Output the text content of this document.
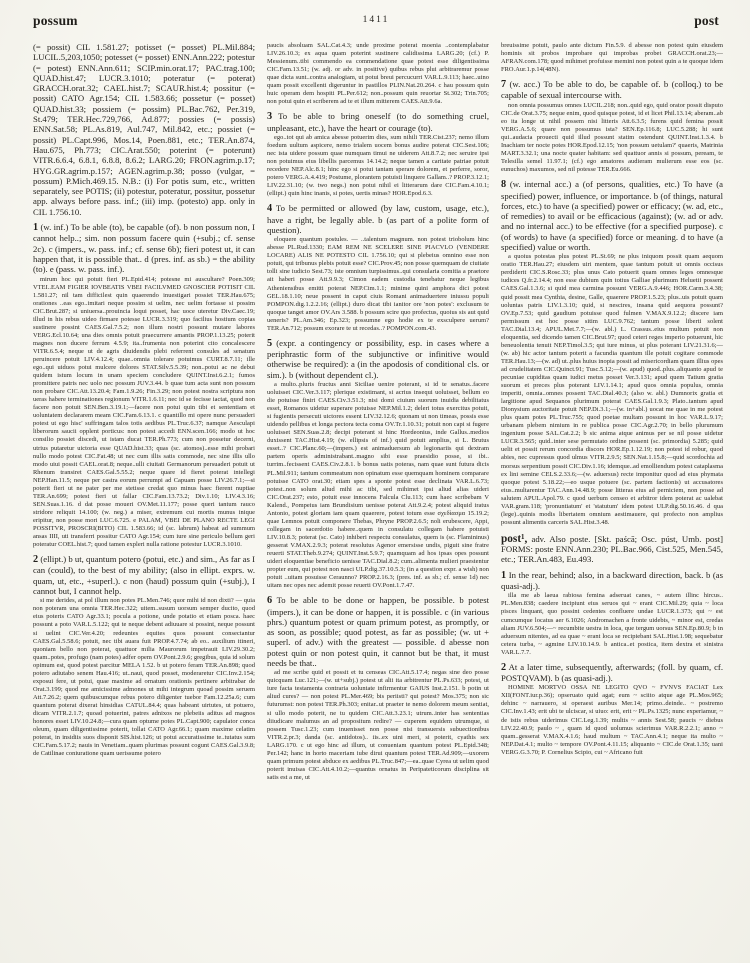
possum	1411	post

(= possit) CIL 1.581.27; potisset (= posset) PL.Mil.884; LUCIL.5,203,1050; potesset (= posset) ENN.Ann.222; potestur (= potest) ENN.Ann.611; SCIP.min.orat.17; PAC.trag.100; QUAD.hist.47; LUCR.3.1010; poteratur (= poterat) GRACCH.orat.32; CAEL.hist.7; SCAUR.hist.4; possitur (= possit) CATO Agr.154; CIL 1.583.66; possetur (= posset) QUAD.hist.33; possiem (= possim) PL.Bac.762, Per.319, St.479; TER.Hec.729,766, Ad.877; possies (= possis) ENN.Sat.58; PL.As.819, Aul.747, Mil.842, etc.; possiet (= possit) PL.Capt.996, Mos.14, Poen.881, etc.; TER.An.874, Hau.675, Ph.773; CIC.Arat.550; poterint (= poterunt) VITR.6.6.4, 6.8.1, 6.8.8, 8.6.2; LARG.20; FRON.agrim.p.17; HYG.GR.agrim.p.157; AGEN.agrim.p.38; posso (vulgar, = possum) P.Mich.469.15. N.B.: (i) For potis sum, etc., written separately, see POTIS; (ii) potestur, poteratur, possitur, possetur app. always before pass. inf.; (iii) imp. (potesto) app. only in CIL 1.756.10.

1 (w. inf.) To be able (to), be capable (of). b non possum non, I cannot help..; sim. non possum facere quin (+subj.; cf. sense 2c). c (impers., w. pass. inf.; cf. sense 6b); fieri potest ut, it can happen that, it is possible that.. d (pres. inf. as sb.) = the ability (to). e (pass. w. pass. inf.).

mirum hoc qui potuit fieri PL.Epid.414; potesne mi auscultare? Poen.309; VTEI..EAM FIGIER IOVBEATIS VBEI FACILVMED GNOSCIER POTISIT CIL 1.581.27; nil tam difficilest quin quaerendo inuestigari possiet TER.Hau.675; orationes ..eas ego..imitari neque possim si uelim, nec uelim fortasse si possim CIC.Brut.287; si uniuersa..prouincia loqui posset, hac uoce uteretur Div.Caec.19; illud in his rebus uideo firmare potesse LUCR.3.319; quo facilius hostium copias sustinere possint CAES.Gal.7.5.2; non illum nostri possunt mutare labores VERG.Ecl.10.64; una dies omnis potuit praecurrere amantis PROP.1.13.25; poterit magnes non ducere ferrum 4.5.9; ita..frumenta non poterint cito concalescere VITR.6.5.4; neque ut de agris diuidendis plebi referrent consules ad senatum peruincere potuit LIV.4.12.4; quae..omnia tolerare potuimus CURT.8.7.11; ille ego..qui uiduos potui mulcere dolores STAT.Silv.5.5.39; non..potui ac ne debui quidem istum locum in unam speciem concludere QUINT.Inst.6.2.1; fumos promittere patris nec uolo nec possum JUV.3.44. b quae tum acta sunt non possum non probare CIC.Att.13.20.4; Fam.1.9.26; Fin.3.29; non potest nostra scriptura non ueras habere terminationes regionum VITR.1.6.11; nec id se fecisse iactat, quod non facere non potuit SEN.Ben.3.19.1;—facere non potui quin tibi et sententiam et uoluntatem declararem meam CIC.Fam.6.13.1. c quantillo mi opere nunc persuaderi potest ut ego hisc' suffringam talos totis aedibus PL.Truc.6.37; namque Aesculapi liberorum saucii opplent porticus: non potest accedi ENN.scen.166; modo ut hoc consilio possiet discedi, ut istam ducat TER.Ph.773; cum non possetur decerni, utrius putaretur uictoria esse QUAD.hist.33; quas (sc. atomos)..esse mihi probari nullo modo potest CIC.Fat.48; ut nec cum illis satis commode, nec sine illis ullo modo uiui possit CAEL.orat.8; neque..ulli ciuitati Germanorum persuaderi potuit ut Rhenum transiret CAES.Gal.5.55.2; neque quare id fieret poterat intellegi NEP.Han.11.5; neque per castra eorum perrumpi ad Capuam posse LIV.26.7.1;—si poterit fieri ut ne pater per me stetisse credat quo minus haec fierent nuptiae TER.An.699; potest fieri ut fallar CIC.Fam.13.73.2; Div.1.10; LIV.4.3.16; SEN.Suas.1.16. d dat posse moueri OV.Met.11.177; posse queri tantum rauco stridore reliquit 14.100; (w. neg.) a miser, extremum cui mortis munus inique eripitur, non posse mori LUC.6.725. e PALAM, VBEI DE PLANO RECTE LEGI POSSITVR, PROSCRI(BITO) CIL 1.583.66; id (sc. labrum) habeat ad summum ansas IIII, uti transferri possitur CATO Agr.154; cum iure sine periculo bellum geri poteratur COEL.hist.7; quod tamen expleri nulla ratione potestur LUCR.3.1010.

2 (ellipt.) b ut, quantum potero (potui, etc.) and sim., As far as I can (could), to the best of my ability; (also in ellipt. exprs. w. quam, ut, etc., +superl.). c non (haud) possum quin (+subj.), I cannot but, I cannot help.

si me derides, at pol illum non potes PL.Men.746; quor mihi id non dixti? — quia non poteram una omnia TER.Hec.322; uitem..susum uorsum semper ducito, quod eius poteris CATO Agr.33.1; pocula a potione, unde potatio et etiam posca. haec possunt a poto VAR.L.5.122; qui te neque debent adiuuare si possint, neque possunt si uelint CIC.Ver.4.20; redeuntes equites quos possunt consectantur CAES.Gal.5.58.6; potuit, nec tibi auara fuit PROP.4.7.74; ab eo.. auxilium itineri, quoniam bello non poterat, quattuor milia Maurorum impetrauit LIV.29.30.2; quam..potes, profugo (nam potes) adfer opem OV.Pont.2.9.6; gregibus, quia id solum opimum est, quod potest parcitur MELA 1.52. b ut potero feram TER.An.898; quod potero adiutabo senem Hau.416; ut..naui, quod posset, moderaretur CIC.Inv.2.154; exposui fere, ut potui, quae maxime ad ornatum orationis pertinere arbitrabar de Orat.3.199; quod me amicissime admones ut mihi integrum quoad possim seruem Att.7.26.2; quem quibuscumque rebus potero diligenter tuebor Fam.12.25a.6; cum quantum poterat dixerat hinsidias CATUL.84.4; quas habeant uirtutes, ut potuero, dicam VITR.2.1.7; quoad potuerint, patres adnixos ne plebeiis aditus ad magnos honores esset LIV.10.24.8;—cura quam optume potes PL.Capt.900; capulator conca oleum, quam diligentissime poterit, tollat CATO Agr.66.1; quam maxime celatim poterat, in insidiis suos disponit SIS.hist.126; ut potui accuratissime te..tutatus sum CIC.Fam.5.17.2; nauis in Venetiam..quam plurimas possunt cogunt CAES.Gal.3.9.8; de Catilinae coniuratione quam uerissume potero

paucis absoluam SAL.Cat.4.3; unde proxime poterat moenia ..contemplabatur LIV.26.10.3; ex aqua quam poterint sustinere calidissima LARG.20; (cf.) P. Messienum..tibi commendo ea commendatione quae potest esse diligentissima CIC.Fam.13.51; (w. adj. or adv. in positive) quibus rebus plui arbitraremur posse quae dicta sunt..contra analogiam, ut potui breui percucurri VAR.L.9.113; haec..uino quam possit excellenti digeruntur in pastillos PLIN.Nat.20.264. c hau possum quin huic operam dem hospiti PL.Per.612; non..possum quin reuortar St.302; Trin.705; non potui quin et scriberem ad te et illum mitterem CAES.Att.9.6a.

3 To be able to bring oneself (to do something cruel, unpleasant, etc.), have the heart or courage (to).

ego..tot qui ab amica abesse potuerim dies, sum nihili TER.Cist.237; nemo illum foedum uultum aspicere, nemo trialem uocem bonus audire poterat CIC.Sest.106; nec ista uidere possum quae numquam timui ne uiderem Att.8.7.2; nec seruire ipsi non potuimus eius libellis parcemus 14.14.2; neque tamen a caritate patriae potuit recedere NEP.Alc.8.1; hinc ego si potui tantam sperare dolorem, et perferre, soror, potero VERG.A.4.419; Postume, plorantem potuisti linquere Gallam..? PROP.3.12.1; LIV.22.31.10; (w. two negs.) non potui nihil ei litterarum dare CIC.Fam.4.10.1; (ellipt.) quin hinc inanis, si potes, uertis minas? HOR.Epod.6.3.

4 To be permitted or allowed (by law, custom, usage, etc.), have a right, be legally able. b (as part of a polite form of question).

eloquere quantum postules. — ..talentum magnum. non potest triobolum hinc abesse PL.Rud.1330; EAM REM NE SCELERE SINE PIACVLO (VENDERE LOCARE) ALIS NE POTESTO CIL 1.756.10; qui si plebeius omnino esse non potuit, qui tribunus plebis potuit esse? CIC.Prov.45; non posse quemquam de ciuitate tolli sine iudicio Sest.73; iste omnium turpissimus..qui consularia comitia a praetore ait haberi posse Att.9.9.3; Cimon eadem custodia tenebatur neque legibus Atheniensibus emitti poterat NEP.Cim.1.1; minime quini amphora dici potest GEL.18.1.10; neue possent in caput ciuis Romani animaduertere iniussu populi POMPON.dig.1.2.2.16; (ellipt.) duro dicat tibi ianitor ore 'non potes': exclusum te quoque tanget amor OV.Ars 3.588. b possum scire quo profectus, quoius sis aut quid ueneris? PL.Am.346; Ep.323; possumne ego hodie ex te exsculpere uerum? TER.An.712; possum exorare te ut recedas..? POMPON.com.43.

5 (expr. a contingency or possibility, esp. in cases where a periphrastic form of the subjunctive or infinitive would otherwise be required): a (in the apodosis of conditional cls. or sim.). b (without dependent cl.).

a multo..pluris fructus anni Siciliae uenire poterant, si id te senatus..facere uoluisset CIC.Ver.3.117; plerique existimant, si acrius insequi uoluisset, bellum eo die potuisse finiri CAES.Civ.3.51.3; nisi domi ciuium suorum inuidia debilitatus esset, Romanos uidetur superare potuisse NEP.Mil.1.2; deleri totus exercitus potuit, si fugientis persecuti uictores essent LIV.32.12.6; quonam ut non timeas, possis esse uidendo pellibus et longa pectora tecta coma OV.Tr.1.10.31; potuit non capi si fugere uoluisset SEN.Suas.2.8; decipi poterant si hinc Hordeonius, inde Gallus..medios duxissent TAC.Hist.4.19; (w. ellipsis of inf.) quid potuit amplius, si L. Brutus esset..? CIC.Planc.60;—(impers.) est animaduersum ab legionariis qui dextram partem operis administrabant..magno sibi esse praesidio posse, si ibi.. turrim..fecissent CAES.Civ.2.8.1. b bonus uatis poteras, nam quae sunt futura dicis PL.Mil.911; tantum commeatum non opinatum esse quemquam hominem comparare potuisse CATO orat.30; etiam spes a sponte potest esse declinata VAR.L.6.73; potest..non solum aliud mihi ac tibi, sed mihimet ipsi aliud alias uideri CIC.Orat.237; esto, potuit esse innocens Falcula Clu.113; cum haec scribebam V Kalend., Pompeius iam Brundisium uenisse poterat Att.9.2.4; potest aliquid iratus Antonio, potest gloriam iam quam quaerere, potest totum esse σχεδίασμα 15.19.2; quae Lemnos potuit componere Thebas, Phryne PROP.2.6.5; noli erubescere, Appi, collegam in sacerdotio habere..quem in consulatu collegam habere potuisti LIV.10.8.3; poterat (sc. Cato) inhiberi respectu consulatus, quem is (sc. Flamininus) gesserat V.MAX.2.9.3; poterat resolutus Agenor emersisse undis, piguit sine fratre reuerti STAT.Theb.9.274; QUINT.Inst.5.9.7; quamquam ad hos ipsas opes possunt uideri eloquentiae beneficio uenisse TAC.Dial.8.2; cum..alimenta mulieri praestentur propter eum, qui potest non nasci ULP.dig.37.10.5.3; (in a question expr. a wish) non potuit ..uitam posuisse Ceraunno? PROP.2.16.3; (pres. inf. as sb.; cf. sense 1d) nec uitam nec opes nec ademit posse reuerti OV.Pont.1.7.47.

6 To be able to be done or happen, be possible. b potest (impers.), it can be done or happen, it is possible. c (in various phrs.) quantum potest or quam primum potest, as promptly, or as soon, as possible; quod potest, as far as possible; (w. ut + superl. of adv.) with the greatest — possible. d abesse non potest quin or non potest quin, it cannot but be that, it must needs be that..

ad me scribe quid et possit et tu censeas CIC.Att.5.17.4; negas sine deo posse quicquam Luc.121;—(w. ut+subj.) potest ut alii ita arbitrentur PL.Ps.633; potest, ut iure facta testamenta contraria uoluntate infirmentur GAIUS Inst.2.151. b potin ut aliud cures? — non potest PL.Mer.469; bis periisti? qui potest? Mos.375; non sic futurumst: non potest TER.Ph.303; enitar..ut praeter te nemo dolorem meum sentiat, si ullo modo poterit, ne tu quidem CIC.Att.3.23.1; utrum..inter has sententias diiudicare malumus an ad propositum redire? — cuperem equidem utrumque, si possem Tusc.1.23; cum inuenisset non posse nisi transuersis subuectionibus VITR.2.pr.3; danda (sc. antidotos).. iis..ex uini meri, si poterit, cyathis sex LARG.170. c ut ego hinc ad illum, ut conueniam quantum potest PL.Epid.348; Per.142; hanc in horto maceriam iube dirui quantum potest TER.Ad.909;—uxorem quam primum potest abduce ex aedibus PL.Truc.847;—ea..quae Cyrea ut uelim quod poterit inuisas CIC.Att.4.10.2;—quantus ornatus in Peripateticorum disciplina sit satis est a me, ut

breuissime potuit, paulo ante dictum Fin.5.9. d abesse non potest quin eiusdem hominis sit probos improbare qui improbas probet GRACCH.orat.23;—AFRAN.com.178; quod mihimet profuisse memini non potest quin a te quoque idem FRO.Aur.1.p.14(48N).

7 (w. acc.) To be able to do, be capable of. b (colloq.) to be capable of sexual intercourse with.

non omnia possumus omnes LUCIL.218; non..quid ego, quid orator possit disputo CIC.de Orat.3.75; neque enim, quod quisque potest, id ei licet Phil.13.14; aberam..ab eo ita longe ut nihil possem nisi litteris Att.6.3.5; furens quid femina possit VERG.A.5.6; quare non possumus ista? SEN.Ep.116.8; LUC.5.288; hi sunt qui..audacia prouecti quid illud possunt statim ostendunt QUINT.Inst.1.3.4. b Inachiam ter nocte potes HOR.Epod.12.15; 'non possum uetulam?' quaeris, Matrinia MART.3.32.1; una nocte quater habitam: sed quattuor annis si possum, peream, te Telesilla semel 11.97.1; (cf.) ego amatores audieram mulierum esse eos (sc. eunuchos) maxumos, sed nil potesse TER.Eu.666.

8 (w. internal acc.) a (of persons, qualities, etc.) To have (a specified) power, influence, or importance. b (of things, natural forces, etc.) to have (a specified) power or efficacy; (w. ad, etc., of remedies) to avail or be efficacious (against); (w. ad or adv. and no internal acc.) to be effective (for a specified purpose). c (of words) to have (a specified) force or meaning. d to have (a specified) value or worth.

a quoius potestas plus potest PL.St.69; ne plus iniquom possit quam aequom oratio TER.Hau.27; eiusdem uiri mentem, quae tantum potuit ut omnis occisus perdiderit CIC.S.Rosc.33; plus unus Cato potuerit quam omnes leges omnesque iudices Q.fr.2.14.4; non esse dubium quin totius Galliae plurimum Heluetii possent CAES.Gal.1.3.6; si quid mea carmina possunt VERG.A.9.446; HOR.Carm.3.4.38; quid possit mea Cynthia, desine, Galle, quaerere PROP.1.5.23; plus..uis potuit quam uoluntas patris LIV.1.3.10; quid, si nescires, insana quid aequora possunt? OV.Ep.7.53; quid gaudium potuisse quod fulmen V.MAX.9.12.2; discere iam permissum est hoc posse sitim LUC.9.762; tantum posse liberti solent TAC.Dial.13.4; APUL.Met.7.7;—(w. abl.) L. Crassus..eius multum potuit non eloquentia, sed dicendo tamen CIC.Brut.97; quod ceteri reges imperio potuerunt, hic beneuolentia tenuit NEP.Timol.3.5; qui iure minus, ui plus poterant LIV.21.31.6;—(w. ab) hic actor tantum poterit a facundia quantum ille potuit cogitare commode TER.Hau.13;—(w. ad) ut..plus huius inopia possit ad misericordiam quam illius opes ad crudelitatem CIC.Quinct.91; Tusc.5.12;—(w. apud) quod..plus..aliquanto apud te pecuniae cupiditas quam iudici metus posset Ver.3.131; apud quem Tatium gratia suorum et preces plus poterant LIV.1.14.1; apud quos omnia populus, omnia imperiti, omnia..omnes possent TAC.Dial.40.3; (also w. abl.) Dumnorix gratia et largitione apud Sequanos plurimum poterat CAES.Gal.1.9.3; Plato..tantum apud Dionysium auctoritate potuit NEP.Di.3.1;—(w. in+abl.) uocat me quae in me potest plus quam potes PL.Truc.755; quod poetae multam possunt in hoc VAR.L.9.17; urbanam plebem nimium in re publica posse CIC.Agr.2.70; in bello plurumum ingenium posse SAL.Cat.2.2; b sic anima atque animus per se nil posse uidetur LUCR.3.565; quid..inter sese permutato ordine possent (sc. primordia) 5.285; quid uelit et possit rerum concordia discors HOR.Ep.1.12.19; non potest id robur, quod abies, nec cupressus quod ulmus VITR.2.9.5; SEN.Nat.1.15.8;—quid scordochia ad morsus serpentium possit CIC.Div.1.16; idemque..ad emolliendum potest cataplasma ex lini semine CELS.2.33.6;—(w. aduersus) recte imponitur quod ad eius phymata quoque potest 5.18.22;—eo usque potuere (sc. partem factionis) ut accusatores eius..multarentur TAC.Ann.14.48.9; posse litteras eius ad perniciem, non posse ad salutem APUL.Apol.79. c quod uerbum censeo et arbitror idem poterat ac ualebat VAR.gram.118; 'pronuntiatum' et 'statutum' idem potest ULP.dig.50.16.46. d qua (lege)..quinis modis libertatem omnium aestimauere, qui profecto non amplius possunt alimentis carceris SAL.Hist.3.48.

post¹, adv. Also poste. [Skt. paścā; Osc. púst, Umb. post] FORMS: poste ENN.Ann.230; PL.Bac.966, Cist.525, Men.545, etc.; TER.An.483, Eu.493.

1 In the rear, behind; also, in a backward direction, back. b (as quasi-adj.).

illa me ab laeua rabiosa femina adseruat canes, ~ autem illinc hircus.. PL.Men.838; caedere incipiunt eius seruos qui ~ erant CIC.Mil.29; quia ~ loca pisces linquant, quo possint cedentes confluere undae LUCR.1.373; qui ~ est cumcumque locatus aer 6.1026; Andromachen a fronte uidebis, ~ minor est, credas aliam JUV.6.504;—~ recumbite uestra in loca, que tergum uorsus SEN.Ep.80.9; b in aduersum nitentes, ad ea quae ~ erant loca se recipiebant SAL.Hist.1.98; sequebatur cetera turba, ~ agmine LIV.10.14.9. b antica..et postica, item dextra et sinistra VAR.L.7.7.

2 At a later time, subsequently, afterwards; (foll. by quam, cf. POSTQVAM). b (as quasi-adj.).

HOMINE MORTVO OSSA NE LEGITO QVO ~ FVNVS FACIAT Lex XII(FONT.iur.p.36); opseruato quid agat; eum ~ sciito atque age PL.Mos.965; dehinc ~ narrauero, si operaest auribus Mer.14; primo..deinde.. ~ postremo CIC.Inv.1.43; erit ubi te ulciscar, si uiuo: erit, erit ~ PL.Ps.1325; nunc experiamur, ~ de istis rebus uiderimus CIC.Leg.1.39; multis ~ annis Sest.58; paucis ~ diebus LIV.22.40.9; paulo ~ , quam id quod uolumus scierimus VAR.R.2.2.1; anno ~ quam..gesserat V.MAX.4.1.6; haud multum ~ TAC.Ann.4.1; neque ita multo ~ NEP.Dat.4.1; multo ~ tempore OV.Pont.4.11.15; aliquanto ~ CIC.de Orat.1.35; uani VERG.G.3.70; P. Cornelius Scipio, cui ~ Africano fuit
